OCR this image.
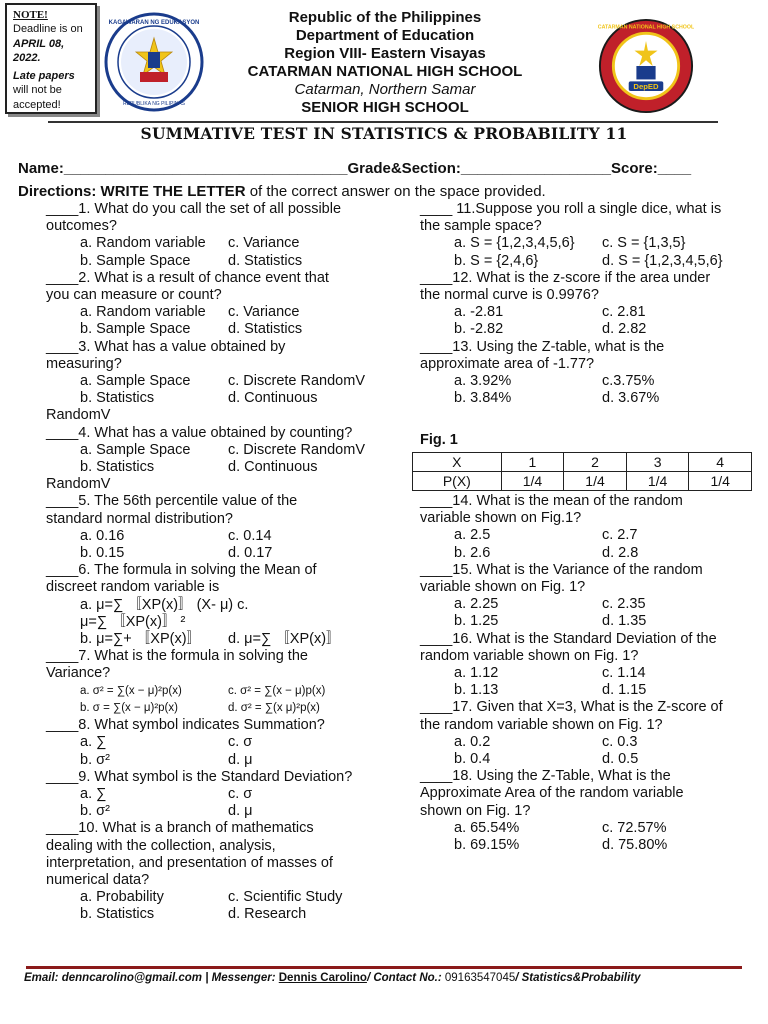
NOTE!
Deadline is on
APRIL 08,
2022.
Late papers
will not be
accepted!
KAGAWARAN NG EDUKASYON
REPUBLIKA NG PILIPINAS
Republic of the Philippines
Department of Education
Region VIII- Eastern Visayas
CATARMAN NATIONAL HIGH SCHOOL
Catarman, Northern Samar
SENIOR HIGH SCHOOL
DepED
CATARMAN NATIONAL HIGH SCHOOL
SUMMATIVE TEST IN STATISTICS & PROBABILITY 11
Name:__________________________________Grade&Section:__________________Score:____
Directions: WRITE THE LETTER of the correct answer on the space provided.
____1. What do you call the set of all possible
outcomes?
a. Random variable	c. Variance
b. Sample Space	d. Statistics
____2. What is a result of chance event that
you can measure or count?
a. Random variable	c. Variance
b. Sample Space	d. Statistics
____3. What has a value obtained by
measuring?
a. Sample Space	c. Discrete RandomV
b. Statistics	d. Continuous
RandomV
____4. What has a value obtained by counting?
a. Sample Space	c. Discrete RandomV
b. Statistics	d. Continuous
RandomV
____5. The 56th percentile value of the
standard normal distribution?
a. 0.16	c. 0.14
b. 0.15	d. 0.17
____6. The formula in solving the Mean of
discreet random variable is
a. μ=∑ 〚XP(x)〛 (X- μ) c. μ=∑ 〚XP(x)〛 ²
b. μ=∑+ 〚XP(x)〛	d. μ=∑ 〚XP(x)〛
____7. What is the formula in solving the
Variance?
a. σ² = ∑(x − μ)²p(x)	c. σ² = ∑(x − μ)p(x)
b. σ = ∑(x − μ)²p(x)	d. σ² = ∑(x μ)²p(x)
____8. What symbol indicates Summation?
a. ∑	c. σ
b. σ²	d. μ
____9. What symbol is the Standard Deviation?
a. ∑	c. σ
b. σ²	d. μ
____10. What is a branch of mathematics
dealing with the collection, analysis,
interpretation, and presentation of masses of
numerical data?
a. Probability	c. Scientific Study
b. Statistics	d. Research
____ 11.Suppose you roll a single dice, what is
the sample space?
a. S = {1,2,3,4,5,6}	c. S = {1,3,5}
b. S = {2,4,6}	d. S = {1,2,3,4,5,6}
____12. What is the z-score if the area under
the normal curve is 0.9976?
a. -2.81	c. 2.81
b. -2.82	d. 2.82
____13. Using the Z-table, what is the
approximate area of -1.77?
a. 3.92%	c.3.75%
b. 3.84%	d. 3.67%
Fig. 1
X	1	2	3	4
P(X)	1/4	1/4	1/4	1/4
____14. What is the mean of the random
variable shown on Fig.1?
a. 2.5	c. 2.7
b. 2.6	d. 2.8
____15. What is the Variance of the random
variable shown on Fig. 1?
a. 2.25	c. 2.35
b. 1.25	d. 1.35
____16. What is the Standard Deviation of the
random variable shown on Fig. 1?
a. 1.12	c. 1.14
b. 1.13	d. 1.15
____17. Given that X=3, What is the Z-score of
the random variable shown on Fig. 1?
a. 0.2	c. 0.3
b. 0.4	d. 0.5
____18. Using the Z-Table, What is the
Approximate Area of the random variable
shown on Fig. 1?
a. 65.54%	c. 72.57%
b. 69.15%	d. 75.80%
Email: denncarolino@gmail.com | Messenger: Dennis Carolino/ Contact No.: 09163547045/ Statistics&Probability
